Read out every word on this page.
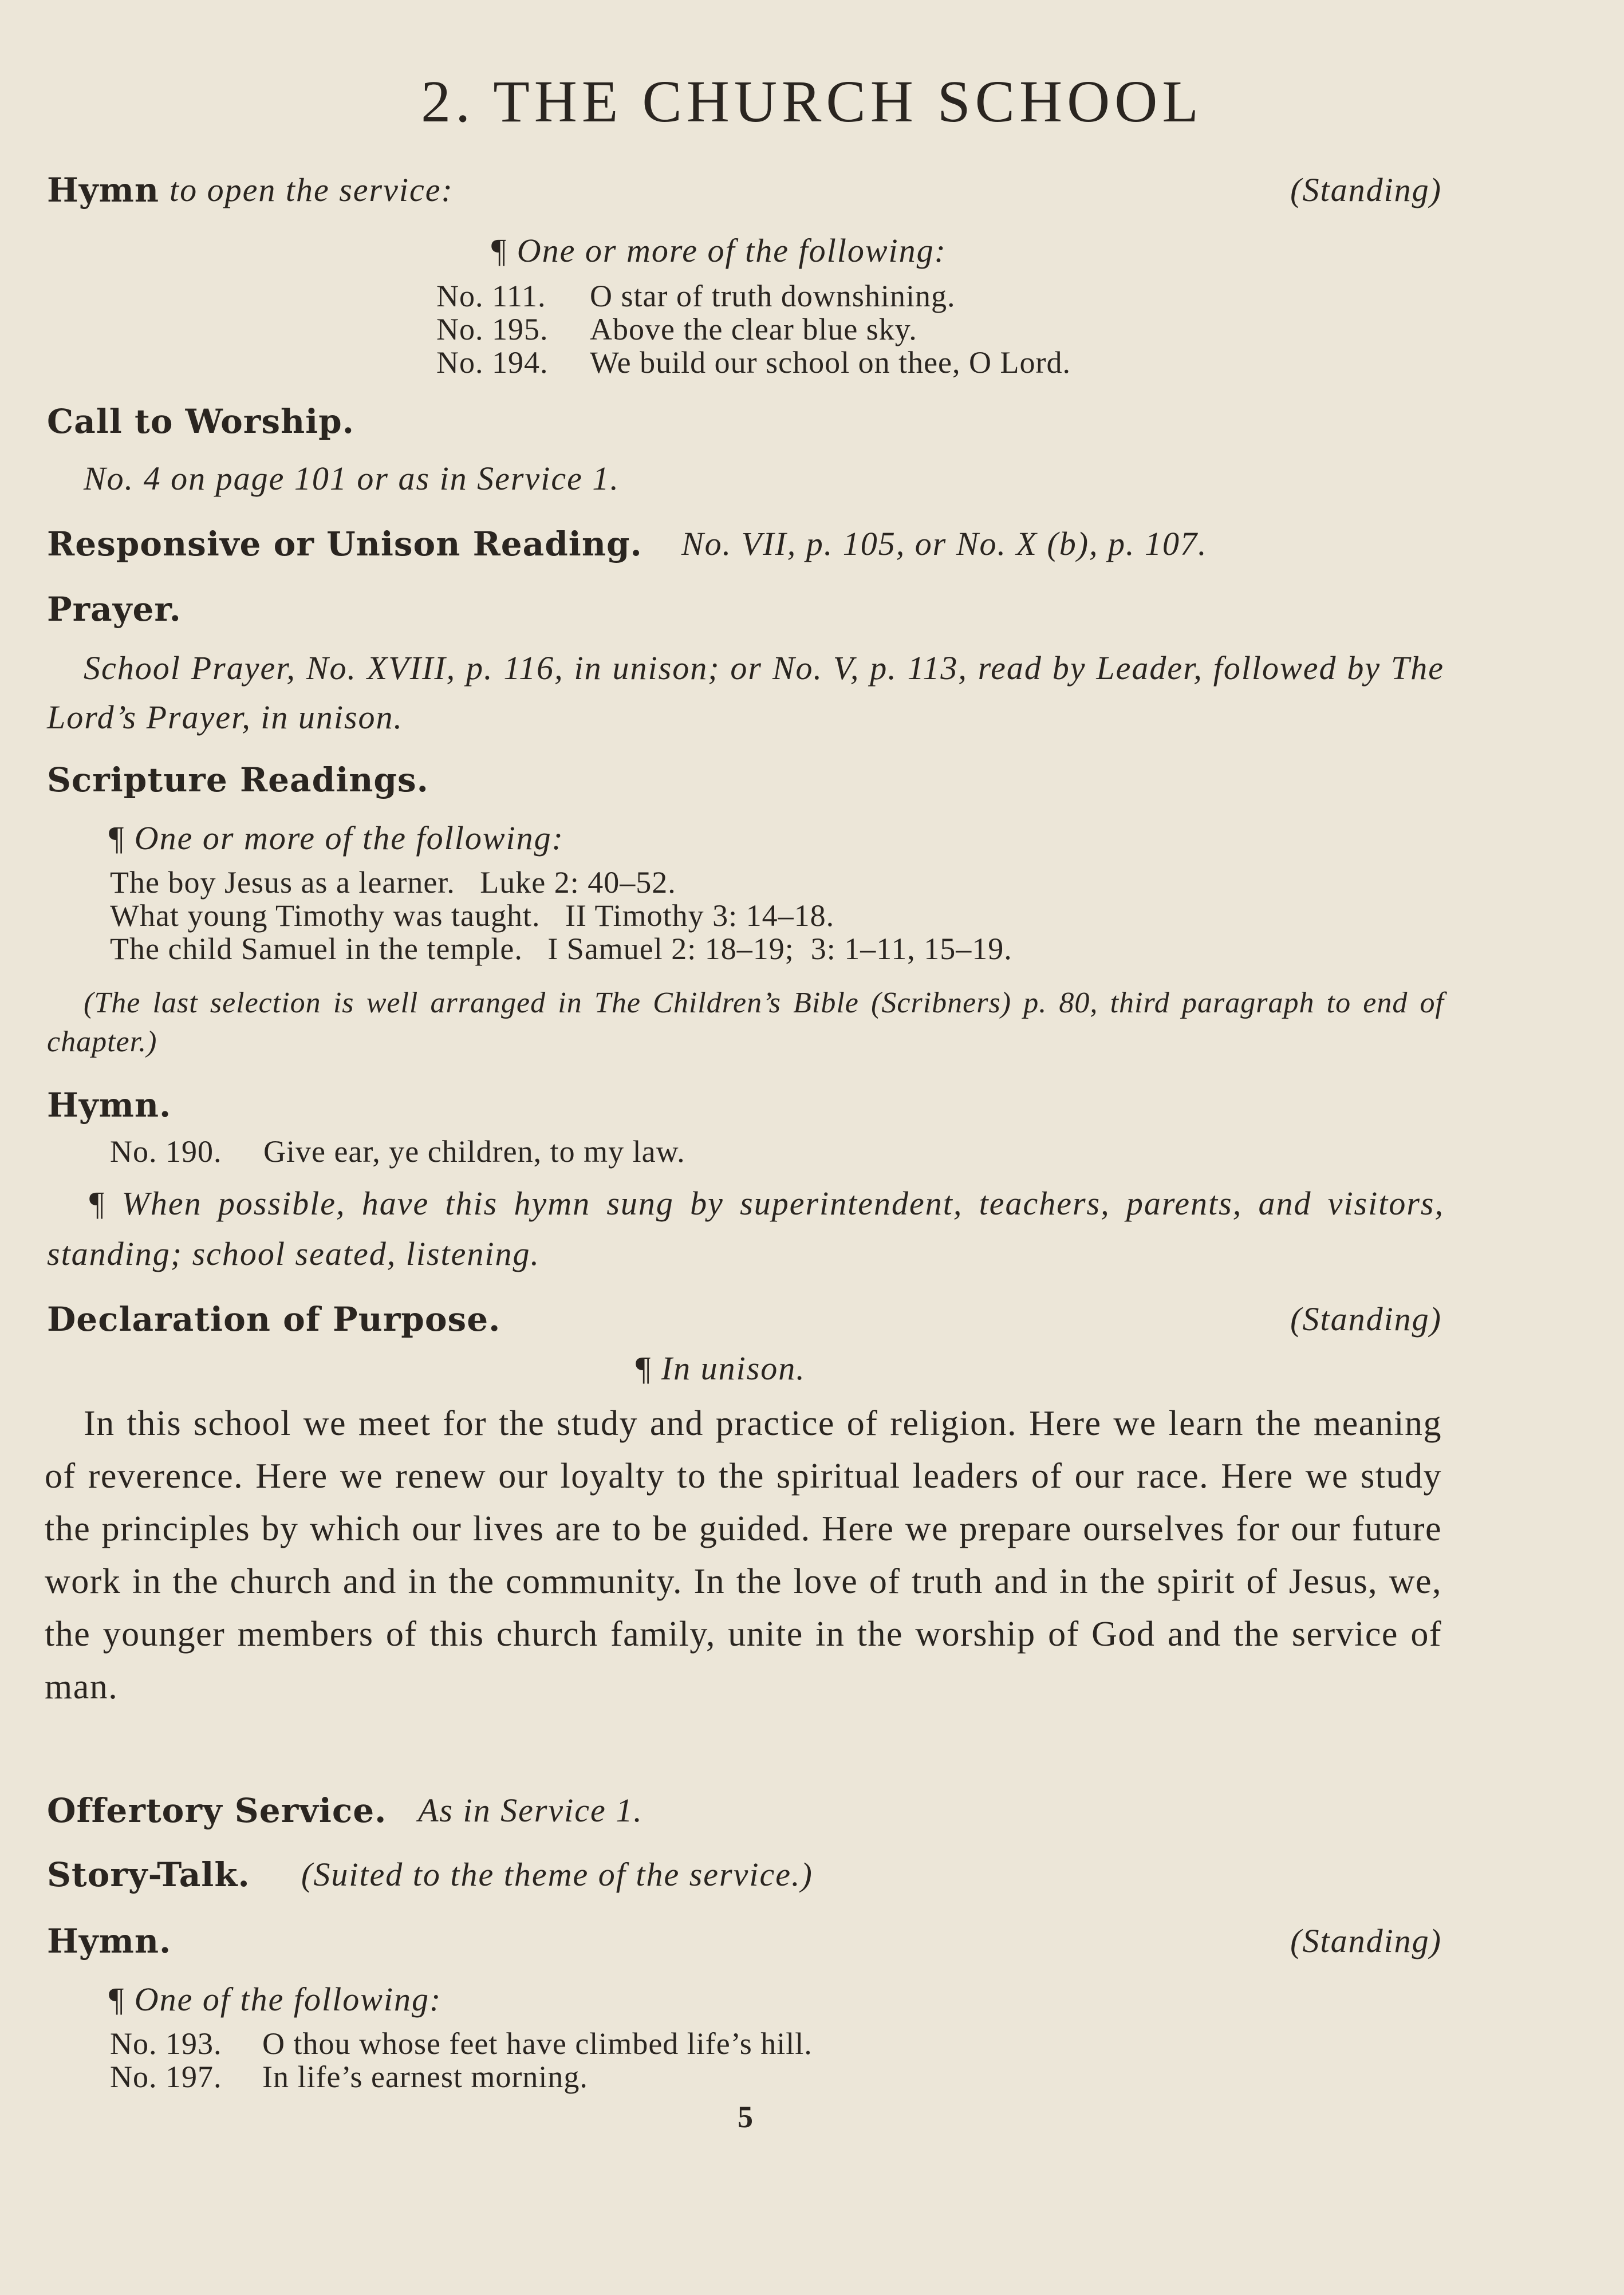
2. THE CHURCH SCHOOL
Hymn to open the service:	(Standing)
¶ One or more of the following:
No. 111. O star of truth downshining.
No. 195. Above the clear blue sky.
No. 194. We build our school on thee, O Lord.
Call to Worship.
No. 4 on page 101 or as in Service 1.
Responsive or Unison Reading. No. VII, p. 105, or No. X (b), p. 107.
Prayer.
School Prayer, No. XVIII, p. 116, in unison; or No. V, p. 113, read by Leader, followed by The Lord’s Prayer, in unison.
Scripture Readings.
¶ One or more of the following:
The boy Jesus as a learner.   Luke 2: 40–52.
What young Timothy was taught.   II Timothy 3: 14–18.
The child Samuel in the temple.   I Samuel 2: 18–19;  3: 1–11, 15–19.
(The last selection is well arranged in The Children’s Bible (Scribners) p. 80, third paragraph to end of chapter.)
Hymn.
No. 190. Give ear, ye children, to my law.
¶ When possible, have this hymn sung by superintendent, teachers, parents, and visitors, standing; school seated, listening.
Declaration of Purpose.	(Standing)
¶ In unison.
In this school we meet for the study and practice of religion. Here we learn the meaning of reverence. Here we renew our loyalty to the spiritual leaders of our race. Here we study the principles by which our lives are to be guided. Here we prepare ourselves for our future work in the church and in the community. In the love of truth and in the spirit of Jesus, we, the younger members of this church family, unite in the worship of God and the service of man.
Offertory Service. As in Service 1.
Story-Talk. (Suited to the theme of the service.)
Hymn.	(Standing)
¶ One of the following:
No. 193. O thou whose feet have climbed life’s hill.
No. 197. In life’s earnest morning.
5
